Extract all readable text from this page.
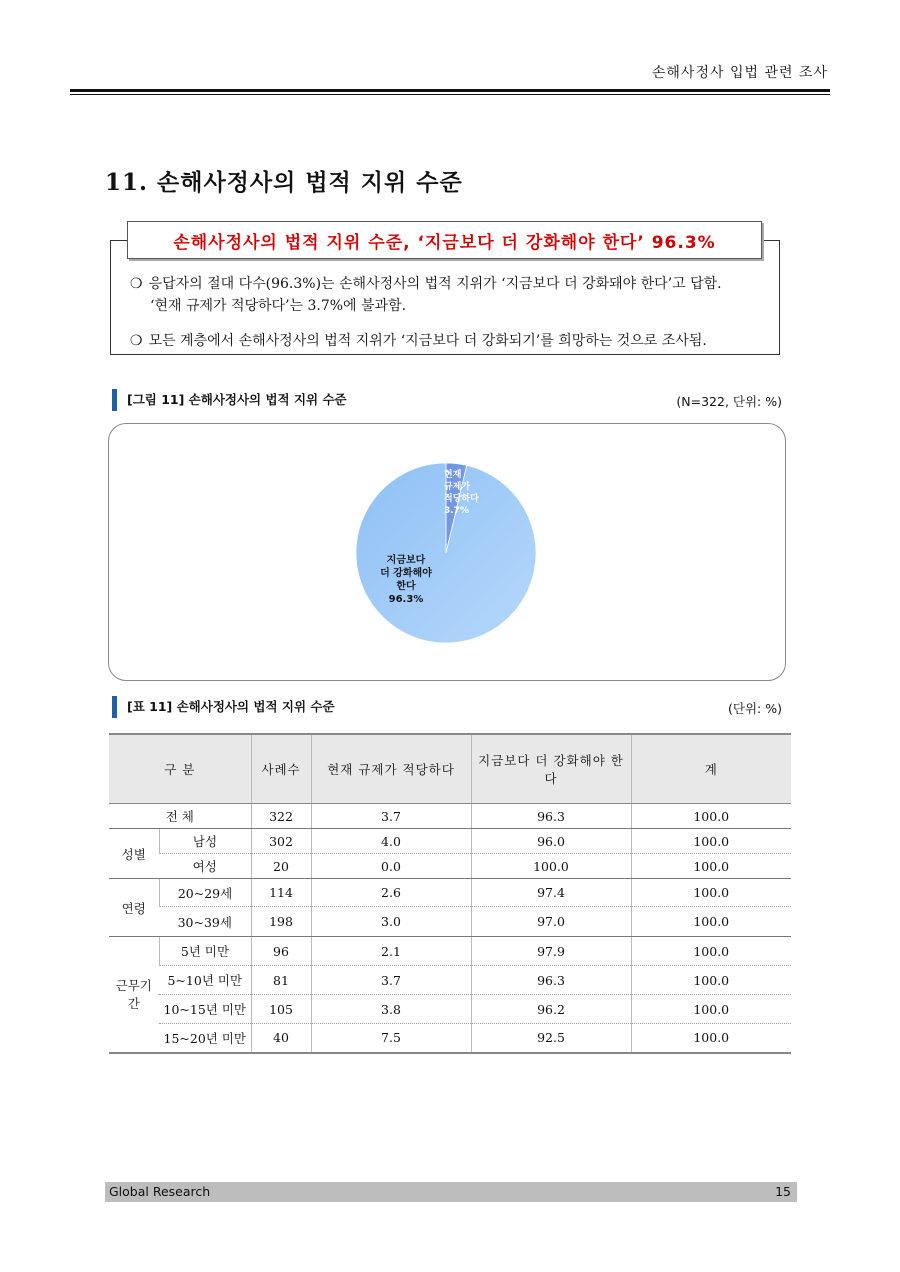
손해사정사 입법 관련 조사
11. 손해사정사의 법적 지위 수준
손해사정사의 법적 지위 수준, ‘지금보다 더 강화해야 한다’ 96.3%
❍ 응답자의 절대 다수(96.3%)는 손해사정사의 법적 지위가 ‘지금보다 더 강화돼야 한다’고 답함.
‘현재 규제가 적당하다’는 3.7%에 불과함.
❍ 모든 계층에서 손해사정사의 법적 지위가 ‘지금보다 더 강화되기’를 희망하는 것으로 조사됨.
[그림 11] 손해사정사의 법적 지위 수준	(N=322, 단위: %)
현재
규제가
적당하다
3.7%
지금보다
더 강화해야
한다
96.3%
[표 11] 손해사정사의 법적 지위 수준	(단위: %)
구 분		사례수	현재 규제가 적당하다	지금보다 더 강화해야 한다	계
전 체		322	3.7	96.3	100.0
성별	남성	302	4.0	96.0	100.0
	여성	20	0.0	100.0	100.0
연령	20~29세	114	2.6	97.4	100.0
	30~39세	198	3.0	97.0	100.0
근무기간	5년 미만	96	2.1	97.9	100.0
	5~10년 미만	81	3.7	96.3	100.0
	10~15년 미만	105	3.8	96.2	100.0
	15~20년 미만	40	7.5	92.5	100.0
Global Research	15
